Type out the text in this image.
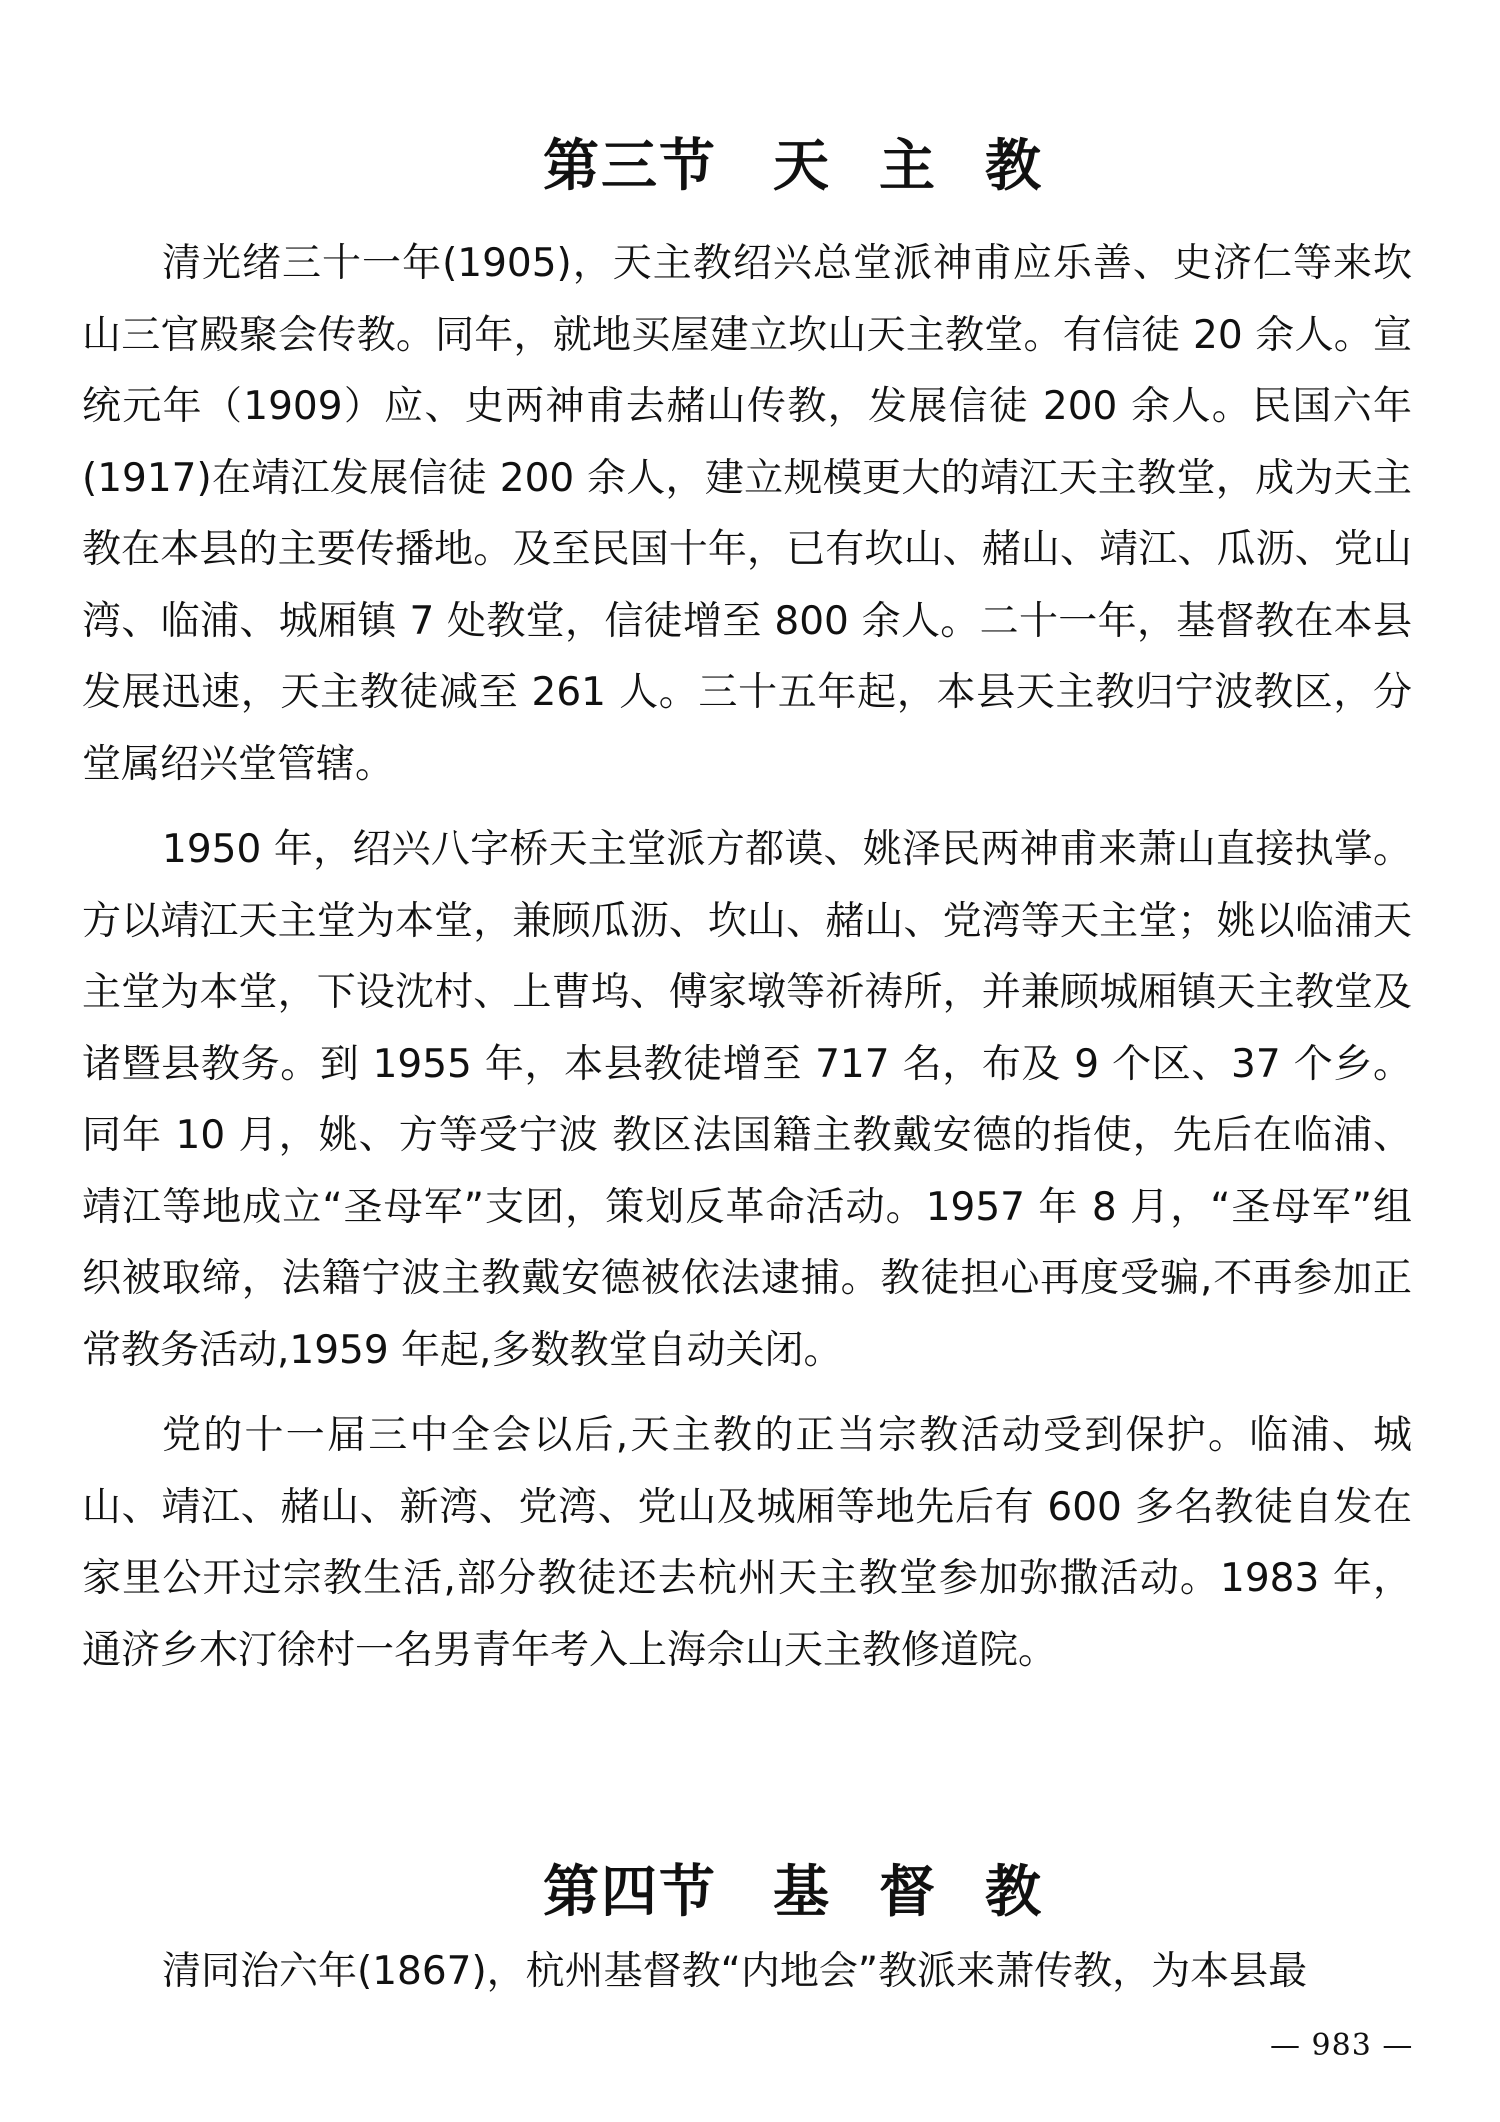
第三节 天 主 教

清光绪三十一年(1905)，天主教绍兴总堂派神甫应乐善、史济仁等来坎山三官殿聚会传教。同年，就地买屋建立坎山天主教堂。有信徒 20 余人。宣统元年（1909）应、史两神甫去赭山传教，发展信徒 200 余人。民国六年(1917)在靖江发展信徒 200 余人，建立规模更大的靖江天主教堂，成为天主教在本县的主要传播地。及至民国十年，已有坎山、赭山、靖江、瓜沥、党山湾、临浦、城厢镇 7 处教堂，信徒增至 800 余人。二十一年，基督教在本县发展迅速，天主教徒减至 261 人。三十五年起，本县天主教归宁波教区，分堂属绍兴堂管辖。

1950 年，绍兴八字桥天主堂派方都谟、姚泽民两神甫来萧山直接执掌。方以靖江天主堂为本堂，兼顾瓜沥、坎山、赭山、党湾等天主堂；姚以临浦天主堂为本堂，下设沈村、上曹坞、傅家墩等祈祷所，并兼顾城厢镇天主教堂及诸暨县教务。到 1955 年，本县教徒增至 717 名，布及 9 个区、37 个乡。同年 10 月，姚、方等受宁波 教区法国籍主教戴安德的指使，先后在临浦、靖江等地成立“圣母军”支团，策划反革命活动。1957 年 8 月，“圣母军”组织被取缔，法籍宁波主教戴安德被依法逮捕。教徒担心再度受骗,不再参加正常教务活动,1959 年起,多数教堂自动关闭。

党的十一届三中全会以后,天主教的正当宗教活动受到保护。临浦、城山、靖江、赭山、新湾、党湾、党山及城厢等地先后有 600 多名教徒自发在家里公开过宗教生活,部分教徒还去杭州天主教堂参加弥撒活动。1983 年，通济乡木汀徐村一名男青年考入上海佘山天主教修道院。

第四节 基 督 教

清同治六年(1867)，杭州基督教“内地会”教派来萧传教，为本县最

— 983 —
